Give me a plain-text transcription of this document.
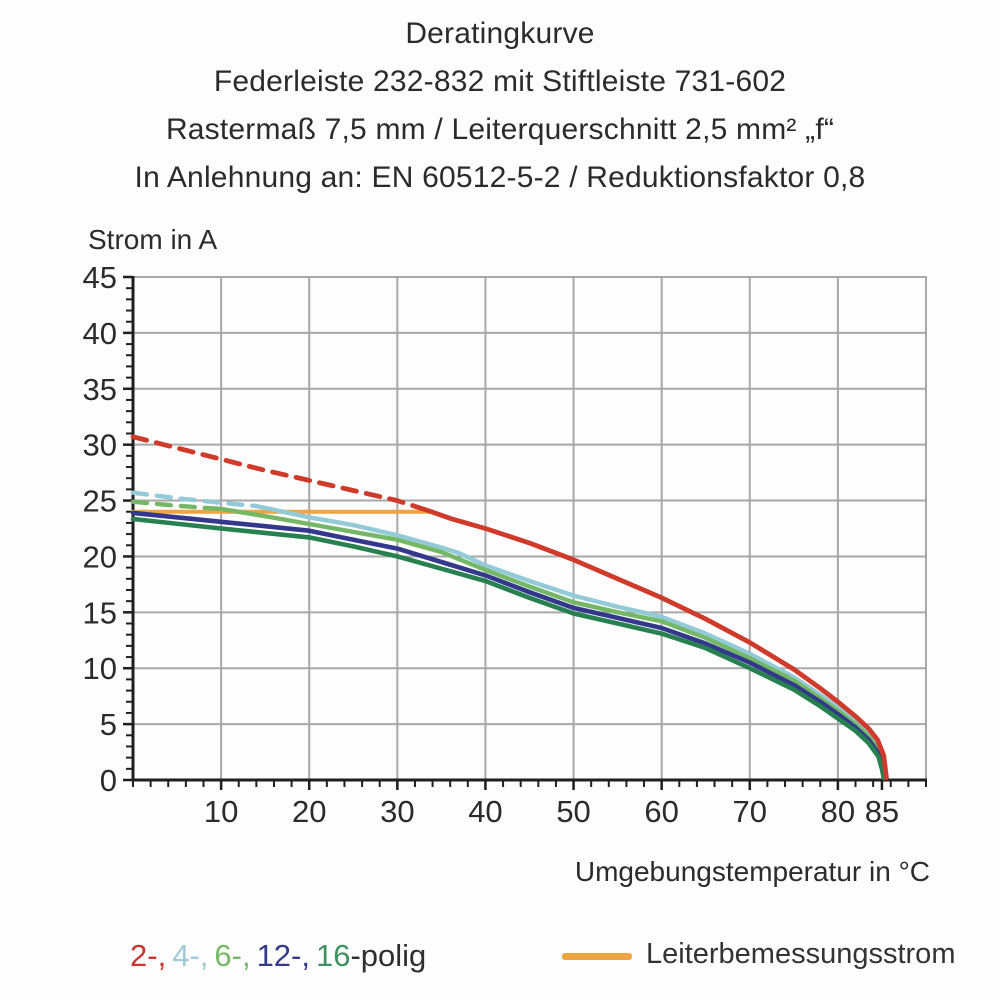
Deratingkurve
Federleiste 232-832 mit Stiftleiste 731-602
Rastermaß 7,5 mm / Leiterquerschnitt 2,5 mm² „f“
In Anlehnung an: EN 60512-5-2 / Reduktionsfaktor 0,8
Strom in A
0
5
10
15
20
25
30
35
40
45
10 20 30 40 50 60 70 80 85
Umgebungstemperatur in °C
2-, 4-, 6-, 12-, 16-polig	Leiterbemessungsstrom
